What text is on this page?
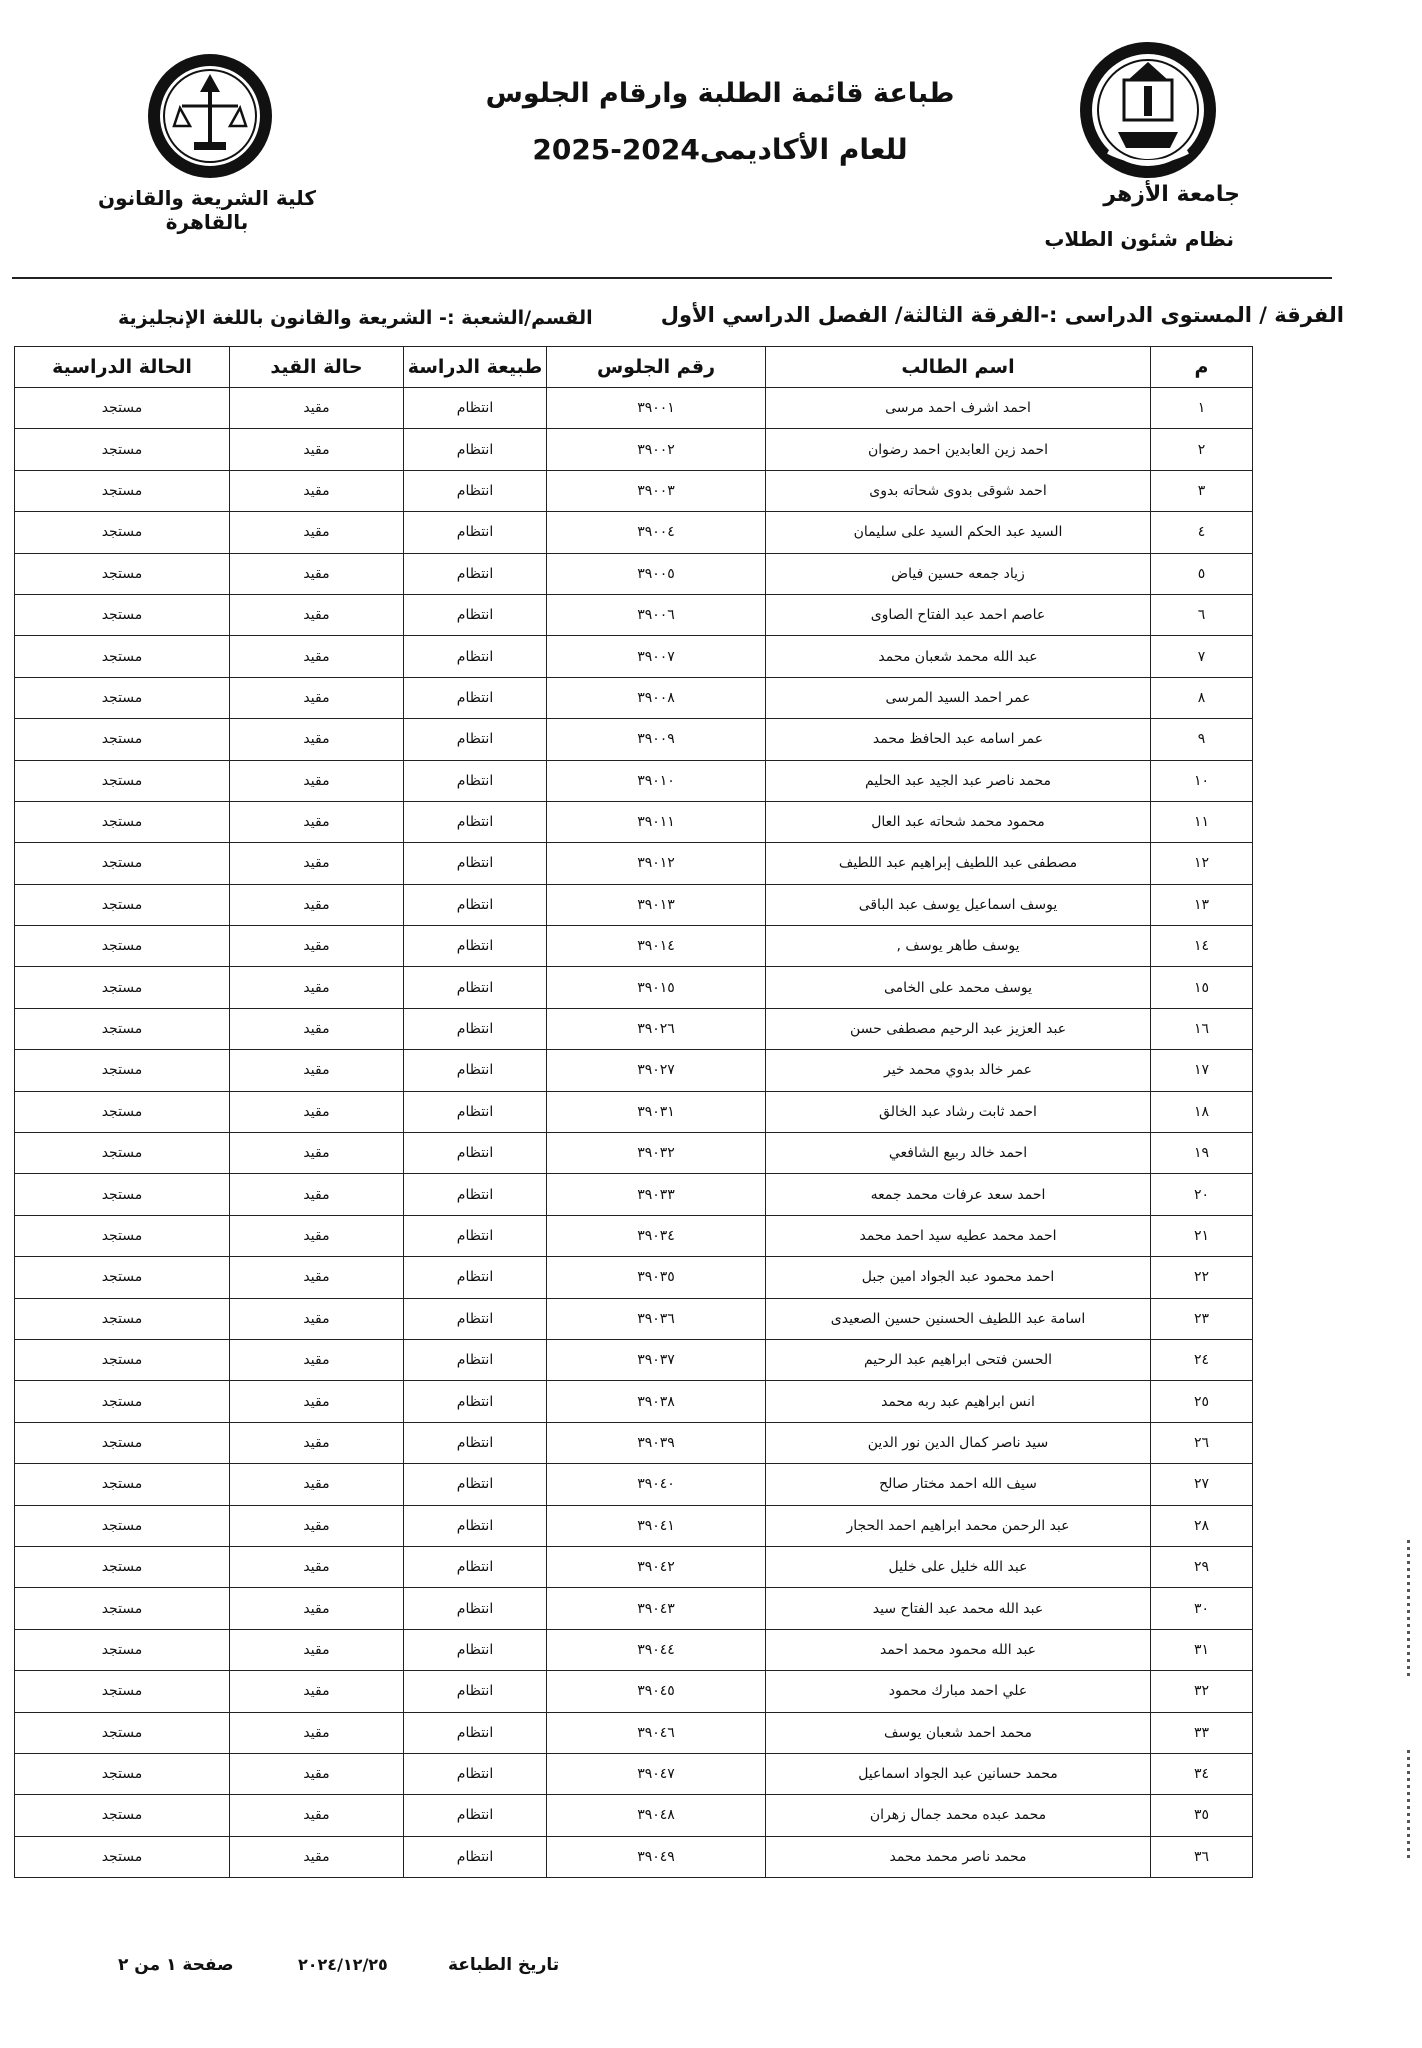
طباعة قائمة الطلبة وارقام الجلوس
للعام الأكاديمى2024-2025
جامعة الأزهر
نظام شئون الطلاب
كلية الشريعة والقانون بالقاهرة
الفرقة / المستوى الدراسى :-الفرقة الثالثة/ الفصل الدراسي الأول
القسم/الشعبة :- الشريعة والقانون باللغة الإنجليزية
م	اسم الطالب	رقم الجلوس	طبيعة الدراسة	حالة القيد	الحالة الدراسية
١	احمد اشرف احمد مرسى	٣٩٠٠١	انتظام	مقيد	مستجد
٢	احمد زين العابدين احمد رضوان	٣٩٠٠٢	انتظام	مقيد	مستجد
٣	احمد شوقى بدوى شحاته بدوى	٣٩٠٠٣	انتظام	مقيد	مستجد
٤	السيد عبد الحكم السيد على سليمان	٣٩٠٠٤	انتظام	مقيد	مستجد
٥	زياد جمعه حسين فياض	٣٩٠٠٥	انتظام	مقيد	مستجد
٦	عاصم احمد عبد الفتاح الصاوى	٣٩٠٠٦	انتظام	مقيد	مستجد
٧	عبد الله محمد شعبان محمد	٣٩٠٠٧	انتظام	مقيد	مستجد
٨	عمر احمد السيد المرسى	٣٩٠٠٨	انتظام	مقيد	مستجد
٩	عمر اسامه عبد الحافظ محمد	٣٩٠٠٩	انتظام	مقيد	مستجد
١٠	محمد ناصر عبد الجيد عبد الحليم	٣٩٠١٠	انتظام	مقيد	مستجد
١١	محمود محمد شحاته عبد العال	٣٩٠١١	انتظام	مقيد	مستجد
١٢	مصطفى عبد اللطيف إبراهيم عبد اللطيف	٣٩٠١٢	انتظام	مقيد	مستجد
١٣	يوسف اسماعيل يوسف عبد الباقى	٣٩٠١٣	انتظام	مقيد	مستجد
١٤	يوسف طاهر يوسف ,	٣٩٠١٤	انتظام	مقيد	مستجد
١٥	يوسف محمد على الخامى	٣٩٠١٥	انتظام	مقيد	مستجد
١٦	عبد العزيز عبد الرحيم مصطفى حسن	٣٩٠٢٦	انتظام	مقيد	مستجد
١٧	عمر خالد بدوي محمد خير	٣٩٠٢٧	انتظام	مقيد	مستجد
١٨	احمد ثابت رشاد عبد الخالق	٣٩٠٣١	انتظام	مقيد	مستجد
١٩	احمد خالد ربيع الشافعي	٣٩٠٣٢	انتظام	مقيد	مستجد
٢٠	احمد سعد عرفات محمد جمعه	٣٩٠٣٣	انتظام	مقيد	مستجد
٢١	احمد محمد عطيه سيد احمد محمد	٣٩٠٣٤	انتظام	مقيد	مستجد
٢٢	احمد محمود عبد الجواد امين جبل	٣٩٠٣٥	انتظام	مقيد	مستجد
٢٣	اسامة عبد اللطيف الحسنين حسين الصعيدى	٣٩٠٣٦	انتظام	مقيد	مستجد
٢٤	الحسن فتحى ابراهيم عبد الرحيم	٣٩٠٣٧	انتظام	مقيد	مستجد
٢٥	انس ابراهيم عبد ربه محمد	٣٩٠٣٨	انتظام	مقيد	مستجد
٢٦	سيد ناصر كمال الدين نور الدين	٣٩٠٣٩	انتظام	مقيد	مستجد
٢٧	سيف الله احمد مختار صالح	٣٩٠٤٠	انتظام	مقيد	مستجد
٢٨	عبد الرحمن محمد ابراهيم احمد الحجار	٣٩٠٤١	انتظام	مقيد	مستجد
٢٩	عبد الله خليل على خليل	٣٩٠٤٢	انتظام	مقيد	مستجد
٣٠	عبد الله محمد عبد الفتاح سيد	٣٩٠٤٣	انتظام	مقيد	مستجد
٣١	عبد الله محمود محمد احمد	٣٩٠٤٤	انتظام	مقيد	مستجد
٣٢	علي احمد مبارك محمود	٣٩٠٤٥	انتظام	مقيد	مستجد
٣٣	محمد احمد شعبان يوسف	٣٩٠٤٦	انتظام	مقيد	مستجد
٣٤	محمد حسانين عبد الجواد اسماعيل	٣٩٠٤٧	انتظام	مقيد	مستجد
٣٥	محمد عبده محمد جمال زهران	٣٩٠٤٨	انتظام	مقيد	مستجد
٣٦	محمد ناصر محمد محمد	٣٩٠٤٩	انتظام	مقيد	مستجد
تاريخ الطباعة
٢٠٢٤/١٢/٢٥
صفحة ١ من ٢
